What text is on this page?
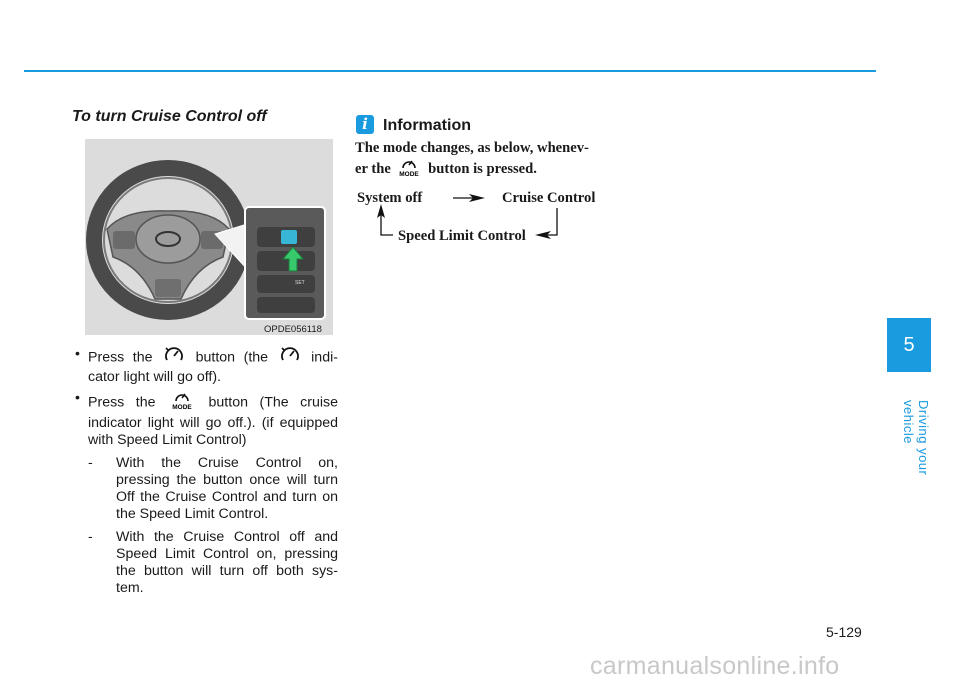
To turn Cruise Control off
SET
OPDE056118
• Press the	button (the	indi-cator light will go off).
• Press the	MODE button (The cruise indicator light will go off.). (if equipped with Speed Limit Control)
- With the Cruise Control on, pressing the button once will turn Off the Cruise Control and turn on the Speed Limit Control.
- With the Cruise Control off and Speed Limit Control on, pressing the button will turn off both sys-tem.
i Information
The mode changes, as below, whenev-
er the MODE button is pressed.
System off	Cruise Control
Speed Limit Control
5
Driving your vehicle
5-129
carmanualsonline.info
